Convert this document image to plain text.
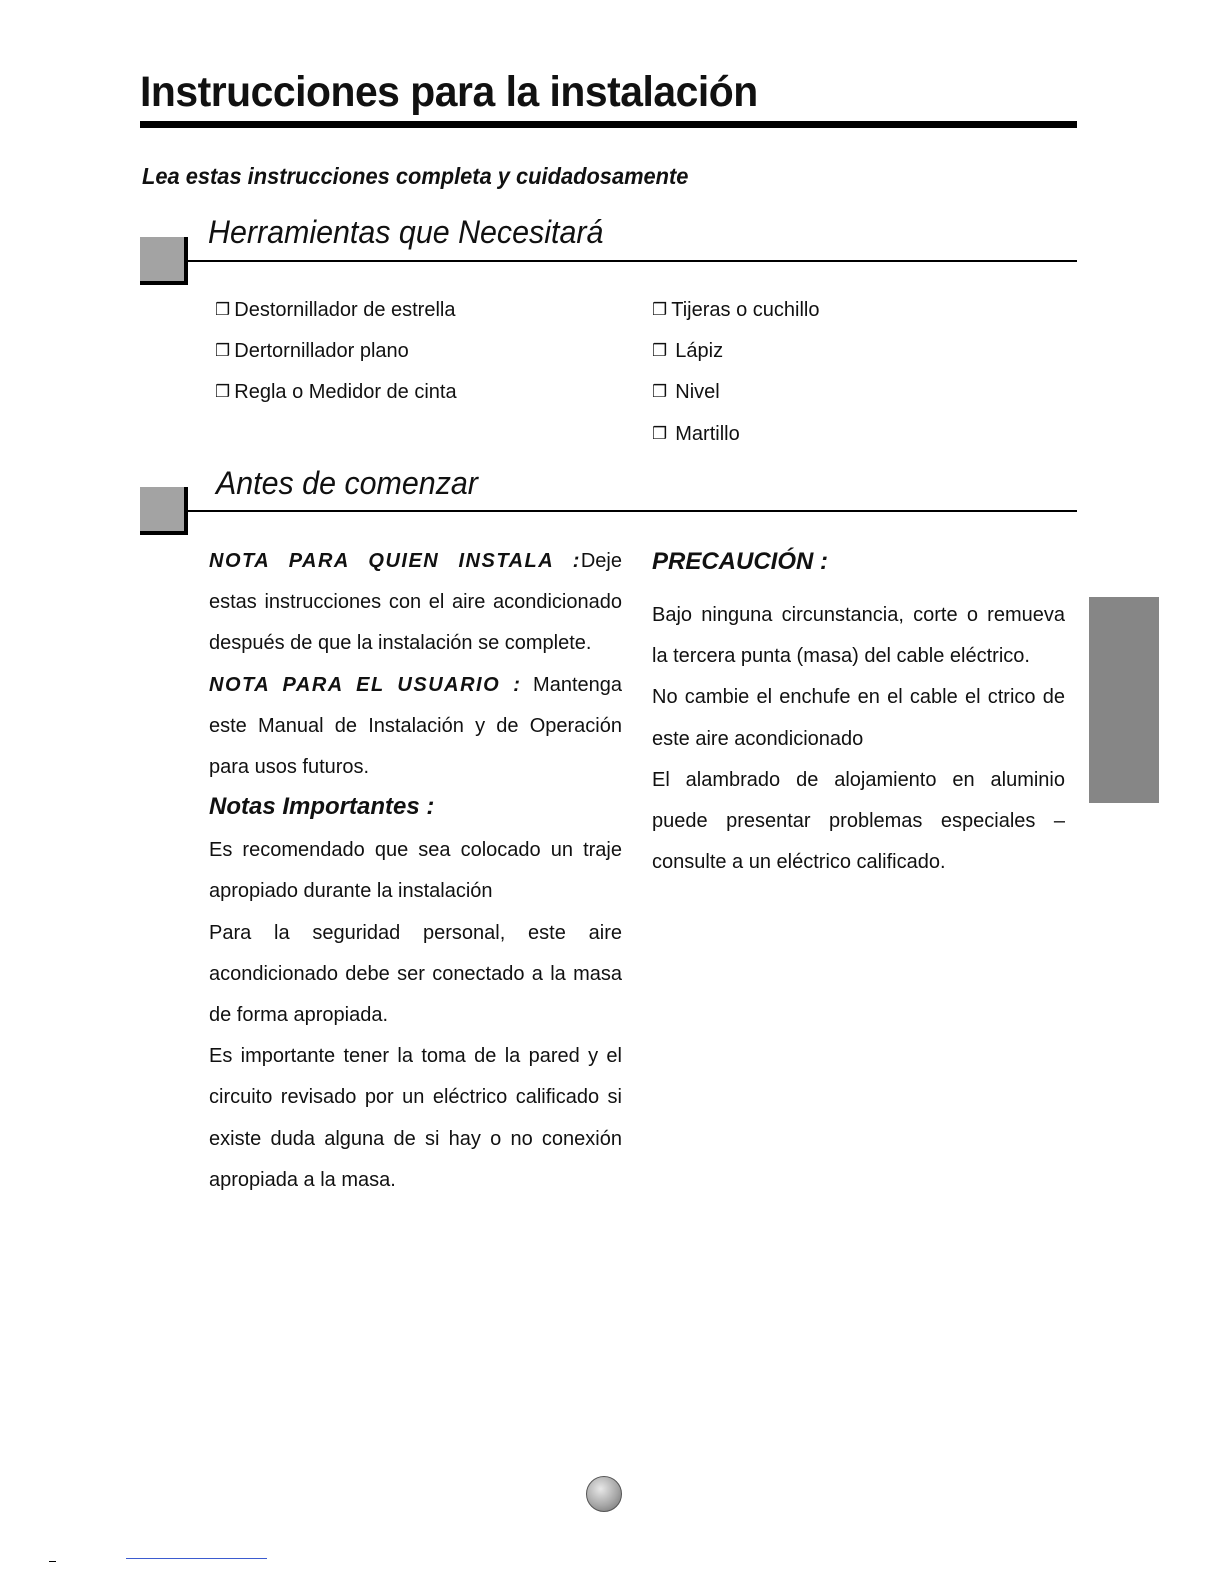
Instrucciones para la instalación
Lea estas instrucciones completa y cuidadosamente
Herramientas que Necesitará
❒ Destornillador de estrella
❒ Dertornillador plano
❒ Regla o Medidor de cinta
❒ Tijeras o cuchillo
❒ Lápiz
❒ Nivel
❒ Martillo
Antes de comenzar

NOTA PARA QUIEN INSTALA :Deje estas instrucciones con el aire acondicionado después de que la instalación se complete.

NOTA PARA EL USUARIO : Mantenga este Manual de Instalación y de Operación para usos futuros.

Notas Importantes :

Es recomendado que sea colocado un traje apropiado durante la instalación

Para la seguridad personal, este aire acondicionado debe ser conectado a la masa de forma apropiada.

Es importante tener la toma de la pared y el circuito revisado por un eléctrico calificado si existe duda alguna de si hay o no conexión apropiada a la masa.

PRECAUCIÓN :

Bajo ninguna circunstancia, corte o remueva la tercera punta (masa) del cable eléctrico.

No cambie el enchufe en el cable el ctrico de este aire acondicionado

El alambrado de alojamiento en aluminio puede presentar problemas especiales – consulte a un eléctrico calificado.
